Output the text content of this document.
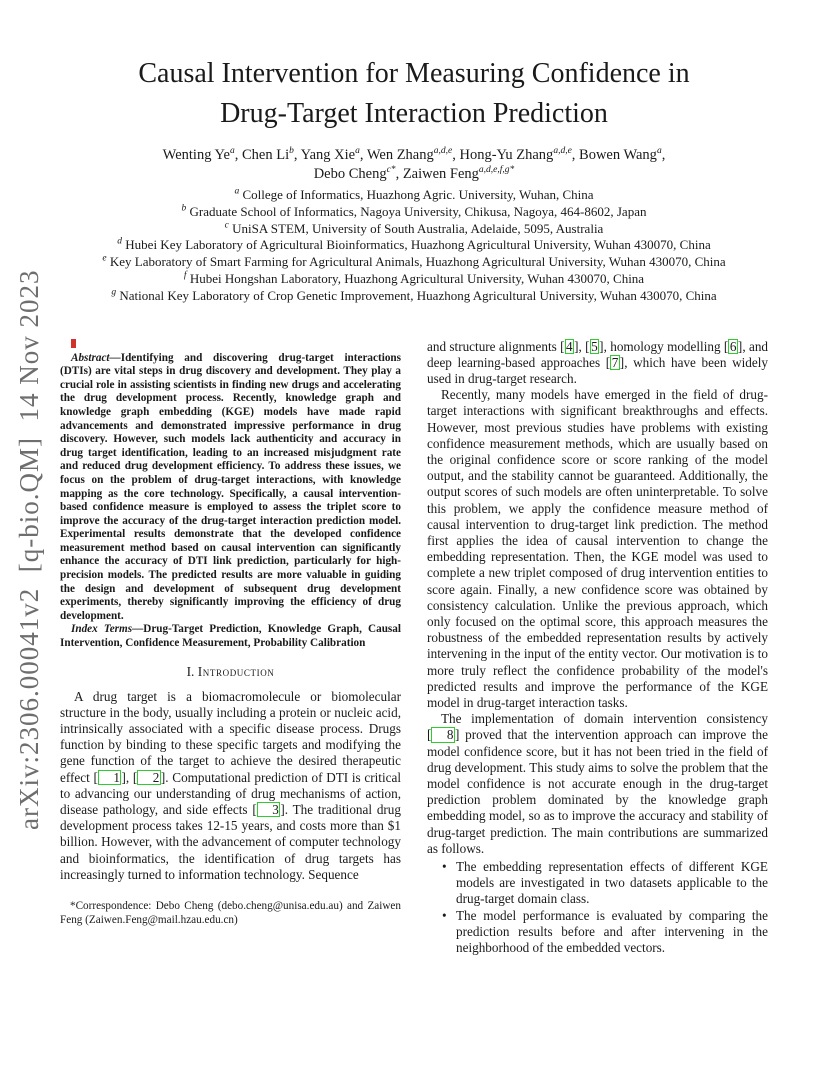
arXiv:2306.00041v2  [q-bio.QM]  14 Nov 2023
Causal Intervention for Measuring Confidence in
Drug-Target Interaction Prediction
Wenting Ye$^a$, Chen Li$^b$, Yang Xie$^a$, Wen Zhang$^{a,d,e}$, Hong-Yu Zhang$^{a,d,e}$, Bowen Wang$^a$,
Debo Cheng$^{c*}$, Zaiwen Feng$^{a,d,e,f,g*}$
$^a$ College of Informatics, Huazhong Agric. University, Wuhan, China
$^b$ Graduate School of Informatics, Nagoya University, Chikusa, Nagoya, 464-8602, Japan
$^c$ UniSA STEM, University of South Australia, Adelaide, 5095, Australia
$^d$ Hubei Key Laboratory of Agricultural Bioinformatics, Huazhong Agricultural University, Wuhan 430070, China
$^e$ Key Laboratory of Smart Farming for Agricultural Animals, Huazhong Agricultural University, Wuhan 430070, China
$^f$ Hubei Hongshan Laboratory, Huazhong Agricultural University, Wuhan 430070, China
$^g$ National Key Laboratory of Crop Genetic Improvement, Huazhong Agricultural University, Wuhan 430070, China

Abstract—Identifying and discovering drug-target interactions (DTIs) are vital steps in drug discovery and development. They play a crucial role in assisting scientists in finding new drugs and accelerating the drug development process. Recently, knowledge graph and knowledge graph embedding (KGE) models have made rapid advancements and demonstrated impressive performance in drug discovery. However, such models lack authenticity and accuracy in drug target identification, leading to an increased misjudgment rate and reduced drug development efficiency. To address these issues, we focus on the problem of drug-target interactions, with knowledge mapping as the core technology. Specifically, a causal intervention-based confidence measure is employed to assess the triplet score to improve the accuracy of the drug-target interaction prediction model. Experimental results demonstrate that the developed confidence measurement method based on causal intervention can significantly enhance the accuracy of DTI link prediction, particularly for high-precision models. The predicted results are more valuable in guiding the design and development of subsequent drug development experiments, thereby significantly improving the efficiency of drug development.

Index Terms—Drug-Target Prediction, Knowledge Graph, Causal Intervention, Confidence Measurement, Probability Calibration

I. Introduction

A drug target is a biomacromolecule or biomolecular structure in the body, usually including a protein or nucleic acid, intrinsically associated with a specific disease process. Drugs function by binding to these specific targets and modifying the gene function of the target to achieve the desired therapeutic effect [ 1 ], [ 2 ]. Computational prediction of DTI is critical to advancing our understanding of drug mechanisms of action, disease pathology, and side effects [ 3 ]. The traditional drug development process takes 12-15 years, and costs more than $1 billion. However, with the advancement of computer technology and bioinformatics, the identification of drug targets has increasingly turned to information technology. Sequence

*Correspondence: Debo Cheng (debo.cheng@unisa.edu.au) and Zaiwen Feng (Zaiwen.Feng@mail.hzau.edu.cn)

and structure alignments [ 4 ], [ 5 ], homology modelling [ 6 ], and deep learning-based approaches [ 7 ], which have been widely used in drug-target research.

Recently, many models have emerged in the field of drug-target interactions with significant breakthroughs and effects. However, most previous studies have problems with existing confidence measurement methods, which are usually based on the original confidence score or score ranking of the model output, and the stability cannot be guaranteed. Additionally, the output scores of such models are often uninterpretable. To solve this problem, we apply the confidence measure method of causal intervention to drug-target link prediction. The method first applies the idea of causal intervention to change the embedding representation. Then, the KGE model was used to complete a new triplet composed of drug intervention entities to score again. Finally, a new confidence score was obtained by consistency calculation. Unlike the previous approach, which only focused on the optimal score, this approach measures the robustness of the embedded representation results by actively intervening in the input of the entity vector. Our motivation is to more truly reflect the confidence probability of the model's predicted results and improve the performance of the KGE model in drug-target interaction tasks.

The implementation of domain intervention consistency [ 8 ] proved that the intervention approach can improve the model confidence score, but it has not been tried in the field of drug development. This study aims to solve the problem that the model confidence is not accurate enough in the drug-target prediction problem dominated by the knowledge graph embedding model, so as to improve the accuracy and stability of drug-target prediction. The main contributions are summarized as follows.

• The embedding representation effects of different KGE models are investigated in two datasets applicable to the drug-target domain class.
• The model performance is evaluated by comparing the prediction results before and after intervening in the neighborhood of the embedded vectors.
